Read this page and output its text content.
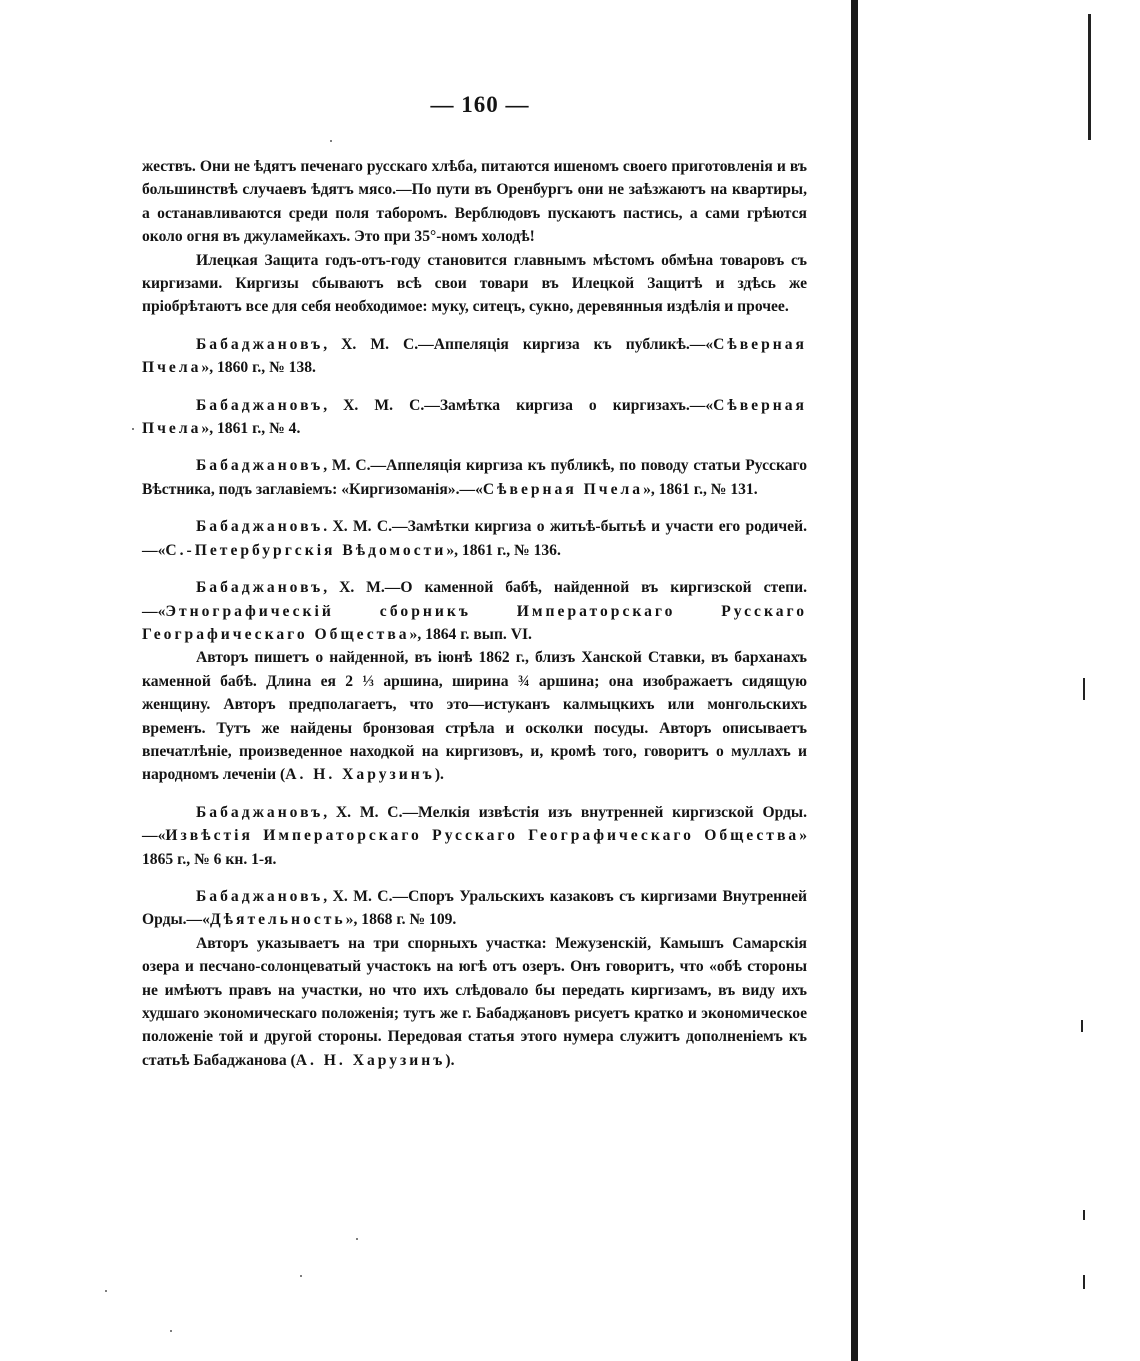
— 160 —

жествъ. Они не ѣдятъ печенаго русскаго хлѣба, питаются ишеномъ своего приготовленія и въ большинствѣ случаевъ ѣдятъ мясо.—По пути въ Оренбургъ они не заѣзжаютъ на квартиры, а останавливаются среди поля таборомъ. Верблюдовъ пускаютъ пастись, а сами грѣются около огня въ джуламейкахъ. Это при 35°-номъ холодѣ!

Илецкая Защита годъ-отъ-году становится главнымъ мѣстомъ обмѣна товаровъ съ киргизами. Киргизы сбываютъ всѣ свои товари въ Илецкой Защитѣ и здѣсь же пріобрѣтаютъ все для себя необходимое: муку, ситецъ, сукно, деревянныя издѣлія и прочее.

Бабаджановъ, Х. М. С.—Аппеляція киргиза къ публикѣ.—«Сѣверная Пчела», 1860 г., № 138.

Бабаджановъ, Х. М. С.—Замѣтка киргиза о киргизахъ.—«Сѣверная Пчела», 1861 г., № 4.

Бабаджановъ, М. С.—Аппеляція киргиза къ публикѣ, по поводу статьи Русскаго Вѣстника, подъ заглавіемъ: «Киргизоманія».—«Сѣверная Пчела», 1861 г., № 131.

Бабаджановъ. Х. М. С.—Замѣтки киргиза о житьѣ-бытьѣ и участи его родичей.—«С.-Петербургскія Вѣдомости», 1861 г., № 136.

Бабаджановъ, Х. М.—О каменной бабѣ, найденной въ киргизской степи.—«Этнографическій сборникъ Императорскаго Русскаго Географическаго Общества», 1864 г. вып. VI.

Авторъ пишетъ о найденной, въ іюнѣ 1862 г., близъ Ханской Ставки, въ барханахъ каменной бабѣ. Длина ея 2 ⅓ аршина, ширина ¾ аршина; она изображаетъ сидящую женщину. Авторъ предполагаетъ, что это—истуканъ калмыцкихъ или монгольскихъ временъ. Тутъ же найдены бронзовая стрѣла и осколки посуды. Авторъ описываетъ впечатлѣніе, произведенное находкой на киргизовъ, и, кромѣ того, говоритъ о муллахъ и народномъ леченіи (А. Н. Харузинъ).

Бабаджановъ, Х. М. С.—Мелкія извѣстія изъ внутренней киргизской Орды.—«Извѣстія Императорскаго Русскаго Географическаго Общества» 1865 г., № 6 кн. 1-я.

Бабаджановъ, Х. М. С.—Споръ Уральскихъ казаковъ съ киргизами Внутренней Орды.—«Дѣятельность», 1868 г. № 109.

Авторъ указываетъ на три спорныхъ участка: Межузенскій, Камышъ Самарскія озера и песчано-солонцеватый участокъ на югѣ отъ озеръ. Онъ говоритъ, что «обѣ стороны не имѣютъ правъ на участки, но что ихъ слѣдовало бы передать киргизамъ, въ виду ихъ худшаго экономическаго положенія; тутъ же г. Бабаджановъ рисуетъ кратко и экономическое положеніе той и другой стороны. Передовая статья этого нумера служитъ дополненіемъ къ статьѣ Бабаджанова (А. Н. Харузинъ).
